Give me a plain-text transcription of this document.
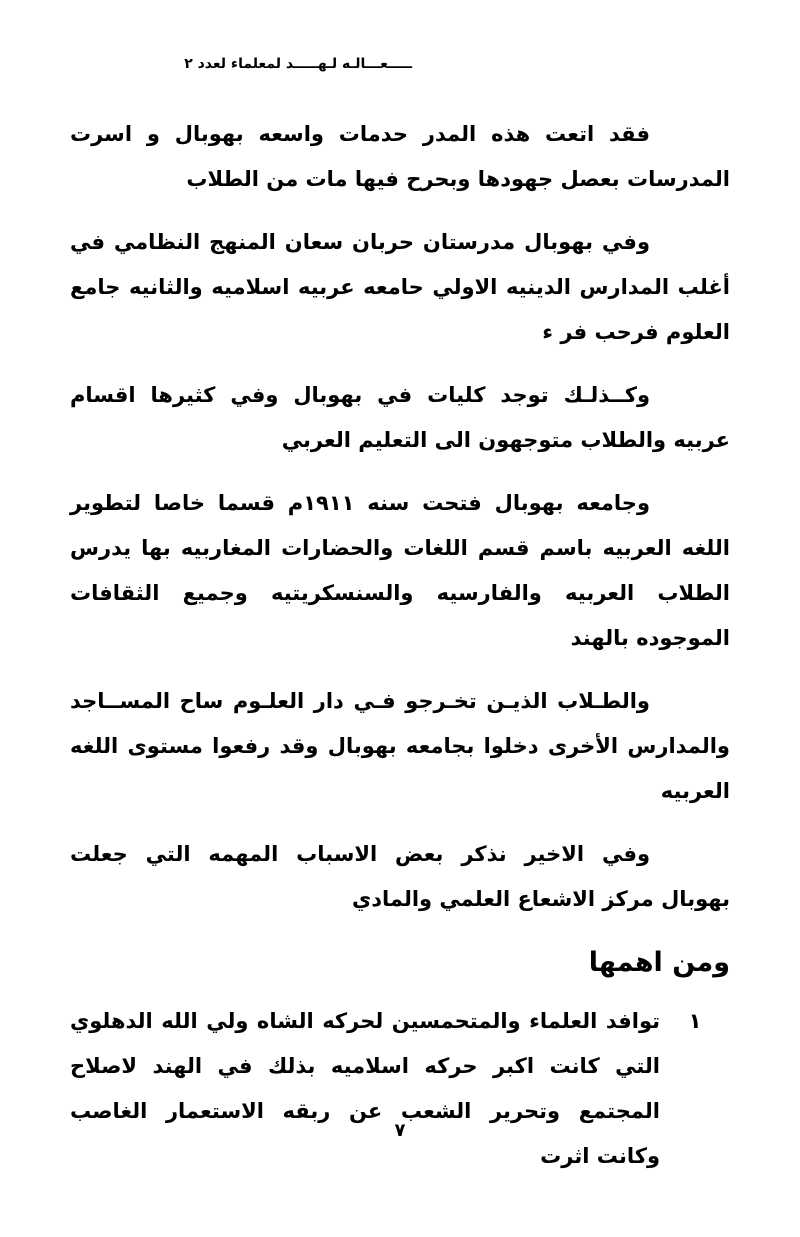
ـــــعـــالـه لـهـــــد لمعلماء لعدد ٢

فقد اتعت هذه المدر حدمات واسعه بهوبال و اسرت المدرسات بعصل جهودها وبحرح فيها مات من الطلاب

وفي بهوبال مدرستان حربان سعان المنهج النظامي في أغلب المدارس الدينيه الاولي حامعه عربيه اسلاميه والثانيه جامع العلوم فرحب فر ء

وكــذلـك توجد كليات في بهوبال وفي كثيرها اقسام عربيه والطلاب متوجهون الى التعليم العربي

وجامعه بهوبال فتحت سنه ١٩١١م قسما خاصا لتطوير اللغه العربيه باسم قسم اللغات والحضارات المغاربيه بها يدرس الطلاب العربيه والفارسيه والسنسكريتيه وجميع الثقافات الموجوده بالهند

والطـلاب الذيـن تخـرجو فـي دار العلـوم ساح المســاجد والمدارس الأخرى دخلوا بجامعه بهوبال وقد رفعوا مستوى اللغه العربيه

وفي الاخير نذكر بعض الاسباب المهمه التي جعلت بهوبال مركز الاشعاع العلمي والمادي

ومن اهمها
١
توافد العلماء والمتحمسين لحركه الشاه ولي الله الدهلوي التي كانت اكبر حركه اسلاميه بذلك في الهند لاصلاح المجتمع وتحرير الشعب عن ربقه الاستعمار الغاصب وكانت اثرت
٧
